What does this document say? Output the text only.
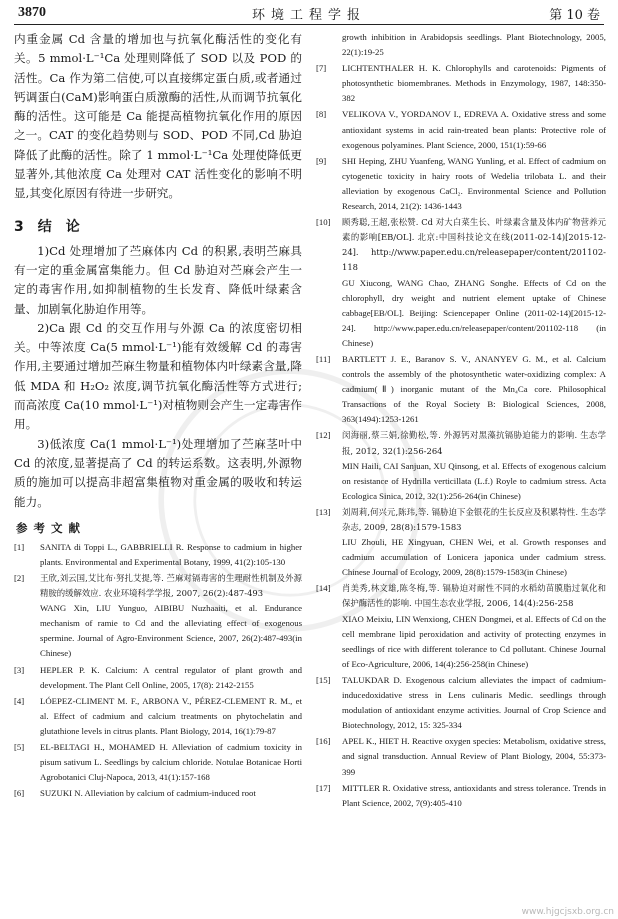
3870	环境工程学报	第 10 卷

内重金属 Cd 含量的增加也与抗氧化酶活性的变化有关。5 mmol·L⁻¹Ca 处理则降低了 SOD 以及 POD 的活性。Ca 作为第二信使,可以直接绑定蛋白质,或者通过钙调蛋白(CaM)影响蛋白质激酶的活性,从而调节抗氧化酶的活性。这可能是 Ca 能提高植物抗氧化作用的原因之一。CAT 的变化趋势则与 SOD、POD 不同,Cd 胁迫降低了此酶的活性。除了 1 mmol·L⁻¹Ca 处理使降低更显著外,其他浓度 Ca 处理对 CAT 活性变化的影响不明显,其变化原因有待进一步研究。

3 结　论

1)Cd 处理增加了苎麻体内 Cd 的积累,表明苎麻具有一定的重金属富集能力。但 Cd 胁迫对苎麻会产生一定的毒害作用,如抑制植物的生长发育、降低叶绿素含量、加剧氧化胁迫作用等。

2)Ca 跟 Cd 的交互作用与外源 Ca 的浓度密切相关。中等浓度 Ca(5 mmol·L⁻¹)能有效缓解 Cd 的毒害作用,主要通过增加苎麻生物量和植物体内叶绿素含量,降低 MDA 和 H₂O₂ 浓度,调节抗氧化酶活性等方式进行;而高浓度 Ca(10 mmol·L⁻¹)对植物则会产生一定毒害作用。

3)低浓度 Ca(1 mmol·L⁻¹)处理增加了苎麻茎叶中 Cd 的浓度,显著提高了 Cd 的转运系数。这表明,外源物质的施加可以提高非超富集植物对重金属的吸收和转运能力。

参考文献
[1] SANITA di Toppi L., GABBRIELLI R. Response to cadmium in higher plants. Environmental and Experimental Botany, 1999, 41(2):105-130
[2] 王欣,刘云国,艾比布·努扎艾提,等. 苎麻对镉毒害的生理耐性机制及外源精胺的缓解效应. 农业环境科学学报, 2007, 26(2):487-493
WANG Xin, LIU Yunguo, AIBIBU Nuzhaaiti, et al. Endurance mechanism of ramie to Cd and the alleviating effect of exogenous spermine. Journal of Agro-Environment Science, 2007, 26(2):487-493(in Chinese)
[3] HEPLER P. K. Calcium: A central regulator of plant growth and development. The Plant Cell Online, 2005, 17(8): 2142-2155
[4] LÓEPEZ-CLIMENT M. F., ARBONA V., PÉREZ-CLEMENT R. M., et al. Effect of cadmium and calcium treatments on phytochelatin and glutathione levels in citrus plants. Plant Biology, 2014, 16(1):79-87
[5] EL-BELTAGI H., MOHAMED H. Alleviation of cadmium toxicity in pisum sativum L. Seedlings by calcium chloride. Notulae Botanicae Horti Agrobotanici Cluj-Napoca, 2013, 41(1):157-168
[6] SUZUKI N. Alleviation by calcium of cadmium-induced root
growth inhibition in Arabidopsis seedlings. Plant Biotechnology, 2005, 22(1):19-25
[7] LICHTENTHALER H. K. Chlorophylls and carotenoids: Pigments of photosynthetic biomembranes. Methods in Enzymology, 1987, 148:350-382
[8] VELIKOVA V., YORDANOV I., EDREVA A. Oxidative stress and some antioxidant systems in acid rain-treated bean plants: Protective role of exogenous polyamines. Plant Science, 2000, 151(1):59-66
[9] SHI Heping, ZHU Yuanfeng, WANG Yunling, et al. Effect of cadmium on cytogenetic toxicity in hairy roots of Wedelia trilobata L. and their alleviation by exogenous CaCl₂. Environmental Science and Pollution Research, 2014, 21(2): 1436-1443
[10] 顾秀聪,王超,张松赞. Cd 对大白菜生长、叶绿素含量及体内矿物营养元素的影响[EB/OL]. 北京:中国科技论文在线(2011-02-14)[2015-12-24]. http://www.paper.edu.cn/releasepaper/content/201102-118
GU Xiucong, WANG Chao, ZHANG Songhe. Effects of Cd on the chlorophyll, dry weight and nutrient element uptake of Chinese cabbage[EB/OL]. Beijing: Sciencepaper Online (2011-02-14)[2015-12-24]. http://www.paper.edu.cn/releasepaper/content/201102-118 (in Chinese)
[11] BARTLETT J. E., Baranov S. V., ANANYEV G. M., et al. Calcium controls the assembly of the photosynthetic water-oxidizing complex: A cadmium(Ⅱ) inorganic mutant of the Mn₄Ca core. Philosophical Transactions of the Royal Society B: Biological Sciences, 2008, 363(1494):1253-1261
[12] 闵海丽,蔡三娟,徐勤松,等. 外源钙对黑藻抗镉胁迫能力的影响. 生态学报, 2012, 32(1):256-264
MIN Haili, CAI Sanjuan, XU Qinsong, et al. Effects of exogenous calcium on resistance of Hydrilla verticillata (L.f.) Royle to cadmium stress. Acta Ecologica Sinica, 2012, 32(1):256-264(in Chinese)
[13] 刘周莉,何兴元,陈玮,等. 镉胁迫下金银花的生长反应及积累特性. 生态学杂志, 2009, 28(8):1579-1583
LIU Zhouli, HE Xingyuan, CHEN Wei, et al. Growth responses and cadmium accumulation of Lonicera japonica under cadmium stress. Chinese Journal of Ecology, 2009, 28(8):1579-1583(in Chinese)
[14] 肖美秀,林文雄,陈冬梅,等. 镉胁迫对耐性不同的水稻幼苗膜脂过氧化和保护酶活性的影响. 中国生态农业学报, 2006, 14(4):256-258
XIAO Meixiu, LIN Wenxiong, CHEN Dongmei, et al. Effects of Cd on the cell membrane lipid peroxidation and activity of protecting enzymes in seedlings of rice with different tolerance to Cd pollutant. Chinese Journal of Eco-Agriculture, 2006, 14(4):256-258(in Chinese)
[15] TALUKDAR D. Exogenous calcium alleviates the impact of cadmium-inducedoxidative stress in Lens culinaris Medic. seedlings through modulation of antioxidant enzyme activities. Journal of Crop Science and Biotechnology, 2012, 15: 325-334
[16] APEL K., HIET H. Reactive oxygen species: Metabolism, oxidative stress, and signal transduction. Annual Review of Plant Biology, 2004, 55:373-399
[17] MITTLER R. Oxidative stress, antioxidants and stress tolerance. Trends in Plant Science, 2002, 7(9):405-410
www.hjgcjsxb.org.cn
